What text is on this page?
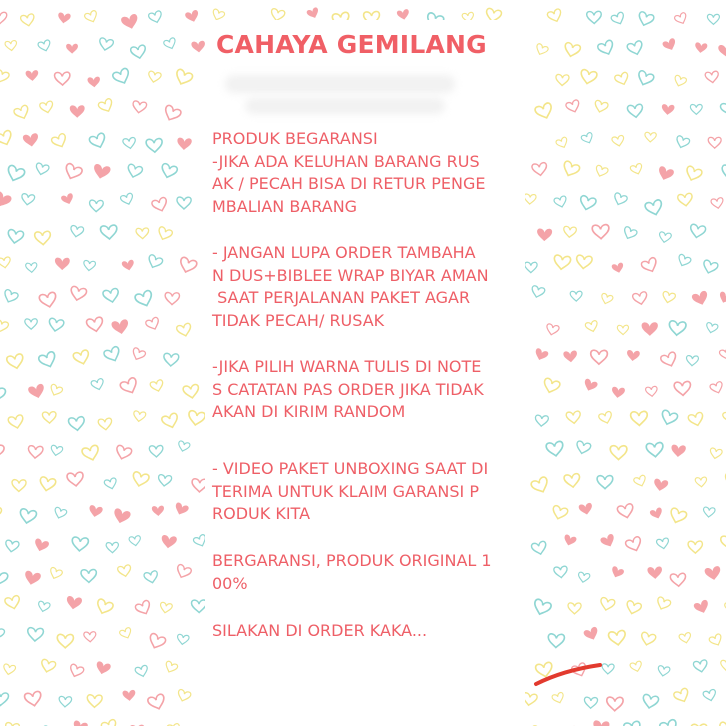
CAHAYA GEMILANG
PRODUK BEGARANSI
-JIKA ADA KELUHAN BARANG RUS
AK / PECAH BISA DI RETUR PENGE
MBALIAN BARANG
- JANGAN LUPA ORDER TAMBAHA
N DUS+BIBLEE WRAP BIYAR AMAN
SAAT PERJALANAN PAKET AGAR
TIDAK PECAH/ RUSAK
-JIKA PILIH WARNA TULIS DI NOTE
S CATATAN PAS ORDER JIKA TIDAK
AKAN DI KIRIM RANDOM
- VIDEO PAKET UNBOXING SAAT DI
TERIMA UNTUK KLAIM GARANSI P
RODUK KITA
BERGARANSI, PRODUK ORIGINAL 1
00%
SILAKAN DI ORDER KAKA...
